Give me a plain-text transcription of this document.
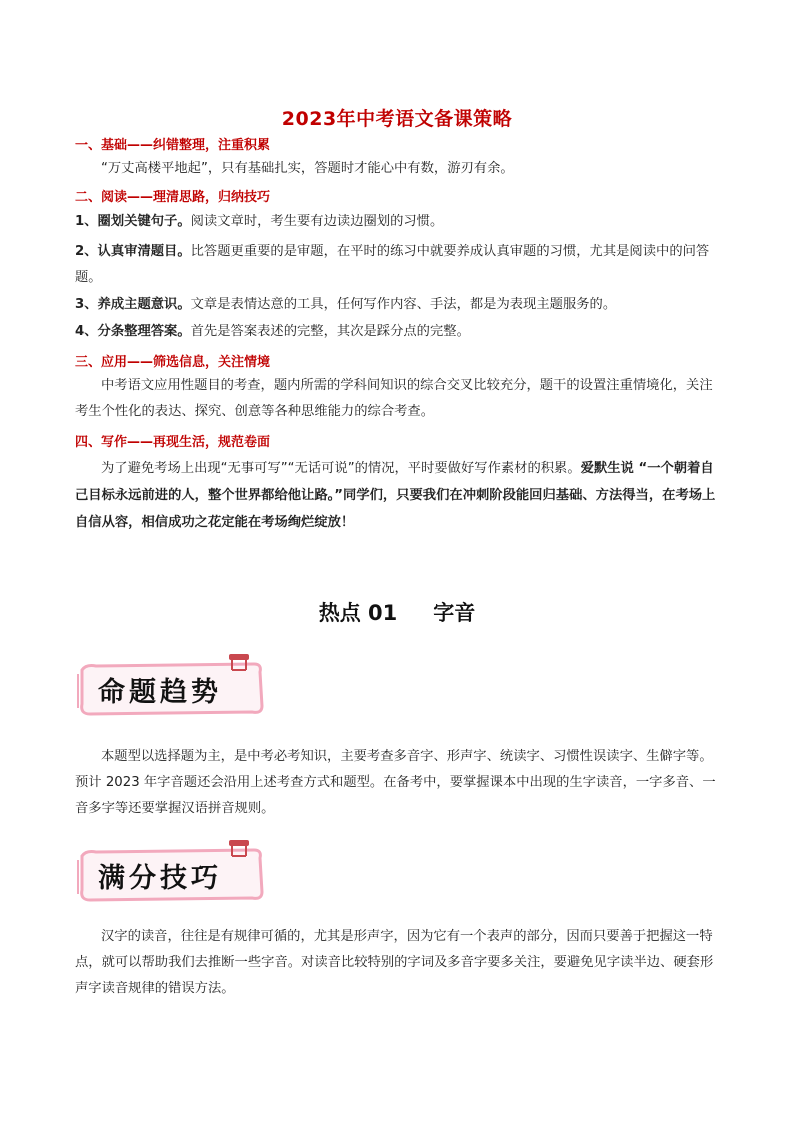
2023年中考语文备课策略
一、基础——纠错整理，注重积累
“万丈高楼平地起”，只有基础扎实，答题时才能心中有数，游刃有余。
二、阅读——理清思路，归纳技巧
1、圈划关键句子。阅读文章时，考生要有边读边圈划的习惯。
2、认真审清题目。比答题更重要的是审题，在平时的练习中就要养成认真审题的习惯，尤其是阅读中的问答题。
3、养成主题意识。文章是表情达意的工具，任何写作内容、手法，都是为表现主题服务的。
4、分条整理答案。首先是答案表述的完整，其次是踩分点的完整。
三、应用——筛选信息，关注情境
中考语文应用性题目的考查，题内所需的学科间知识的综合交叉比较充分，题干的设置注重情境化，关注考生个性化的表达、探究、创意等各种思维能力的综合考查。
四、写作——再现生活，规范卷面
为了避免考场上出现“无事可写”“无话可说”的情况，平时要做好写作素材的积累。爱默生说 “一个朝着自己目标永远前进的人，整个世界都给他让路。”同学们，只要我们在冲刺阶段能回归基础、方法得当，在考场上自信从容，相信成功之花定能在考场绚烂绽放！
热点 01 字音
命题趋势
本题型以选择题为主，是中考必考知识，主要考查多音字、形声字、统读字、习惯性误读字、生僻字等。预计 2023 年字音题还会沿用上述考查方式和题型。在备考中，要掌握课本中出现的生字读音，一字多音、一音多字等还要掌握汉语拼音规则。
满分技巧
汉字的读音，往往是有规律可循的，尤其是形声字，因为它有一个表声的部分，因而只要善于把握这一特点，就可以帮助我们去推断一些字音。对读音比较特别的字词及多音字要多关注，要避免见字读半边、硬套形声字读音规律的错误方法。
